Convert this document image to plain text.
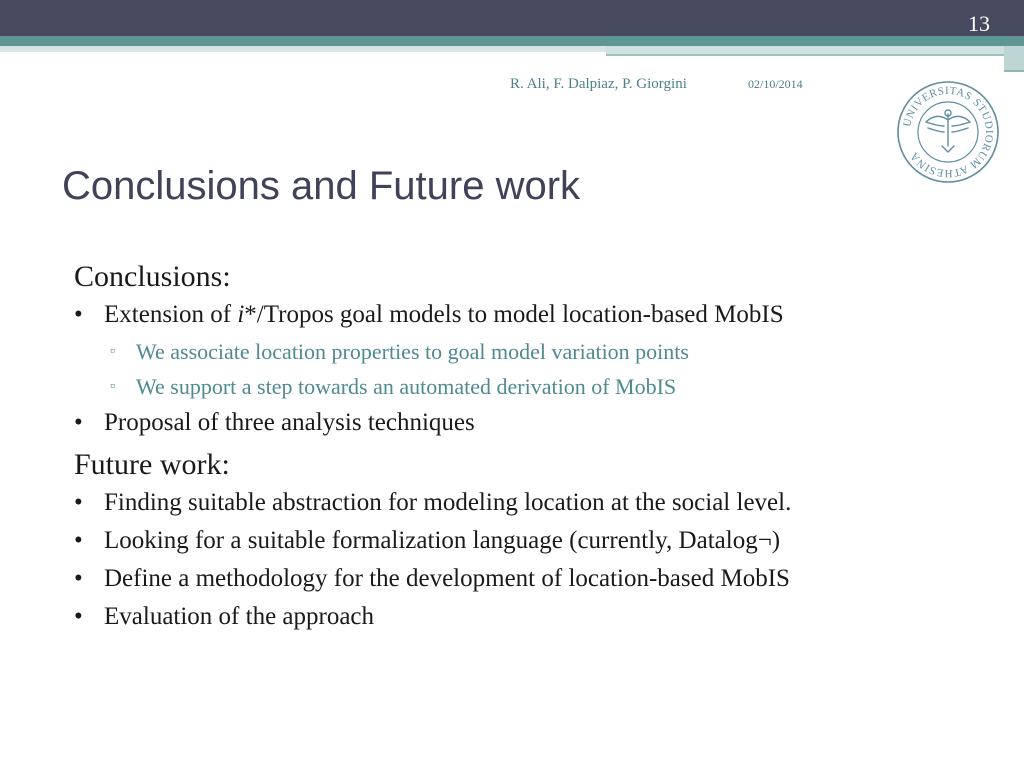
13
R. Ali, F. Dalpiaz, P. Giorgini	02/10/2014
UNIVERSITAS STUDIORUM ATHESINA
Conclusions and Future work
Conclusions:
• Extension of i*/Tropos goal models to model location-based MobIS
▫ We associate location properties to goal model variation points
▫ We support a step towards an automated derivation of MobIS
• Proposal of three analysis techniques
Future work:
• Finding suitable abstraction for modeling location at the social level.
• Looking for a suitable formalization language (currently, Datalog¬)
• Define a methodology for the development of location-based MobIS
• Evaluation of the approach
